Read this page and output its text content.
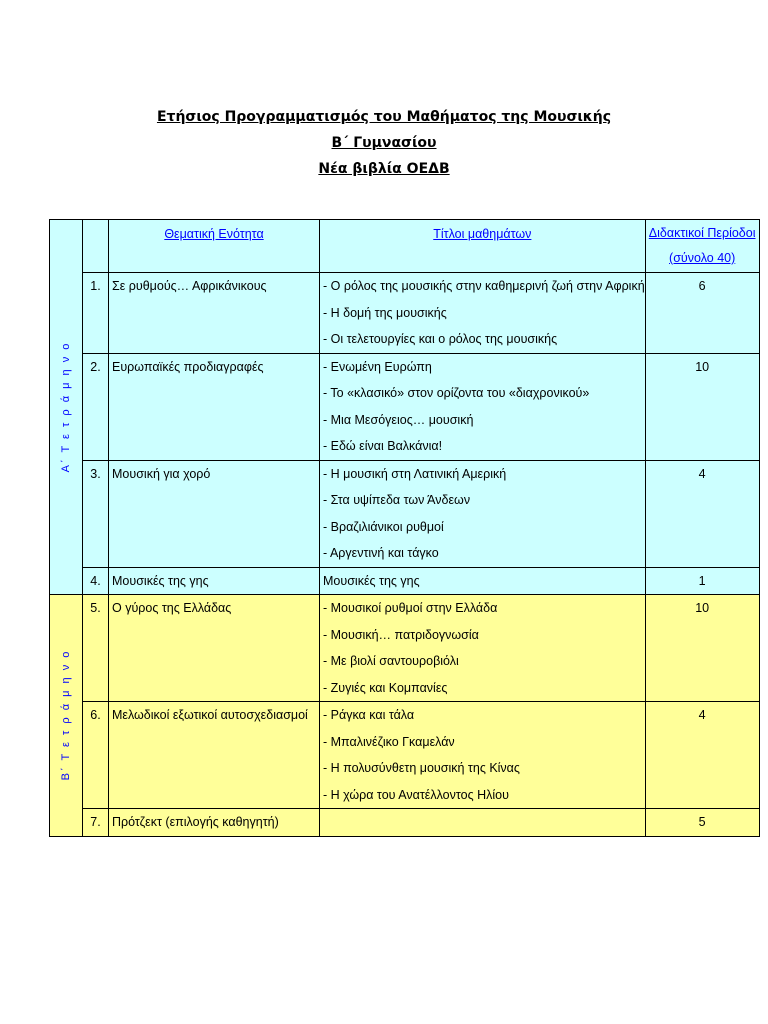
Ετήσιος Προγραμματισμός του Μαθήματος της Μουσικής
Β΄ Γυμνασίου
Νέα βιβλία ΟΕΔΒ
Α΄ Τ ε τ ρ ά μ η ν ο		Θεματική Ενότητα	Τίτλοι μαθημάτων	Διδακτικοί Περίοδοι
(σύνολο 40)

	1.	Σε ρυθμούς… Αφρικάνικους	- Ο ρόλος της μουσικής στην καθημερινή ζωή στην Αφρική
- Η δομή της μουσικής
- Οι τελετουργίες και ο ρόλος της μουσικής	6
	2.	Ευρωπαϊκές προδιαγραφές	- Ενωμένη Ευρώπη
- Το «κλασικό» στον ορίζοντα του «διαχρονικού»
- Μια Μεσόγειος… μουσική
- Εδώ είναι Βαλκάνια!	10
	3.	Μουσική για χορό	- Η μουσική στη Λατινική Αμερική
- Στα υψίπεδα των Άνδεων
- Βραζιλιάνικοι ρυθμοί
- Αργεντινή και τάγκο	4
	4.	Μουσικές της γης	Μουσικές της γης	1

Β΄ Τ ε τ ρ ά μ η ν ο	5.	Ο γύρος της Ελλάδας	- Μουσικοί ρυθμοί στην Ελλάδα
- Μουσική… πατριδογνωσία
- Με βιολί σαντουροβιόλι
- Ζυγιές και Κομπανίες	10
	6.	Μελωδικοί εξωτικοί αυτοσχεδιασμοί	- Ράγκα και τάλα
- Μπαλινέζικο Γκαμελάν
- Η πολυσύνθετη μουσική της Κίνας
- Η χώρα του Ανατέλλοντος Ηλίου	4
	7.	Πρότζεκτ (επιλογής καθηγητή)		5
